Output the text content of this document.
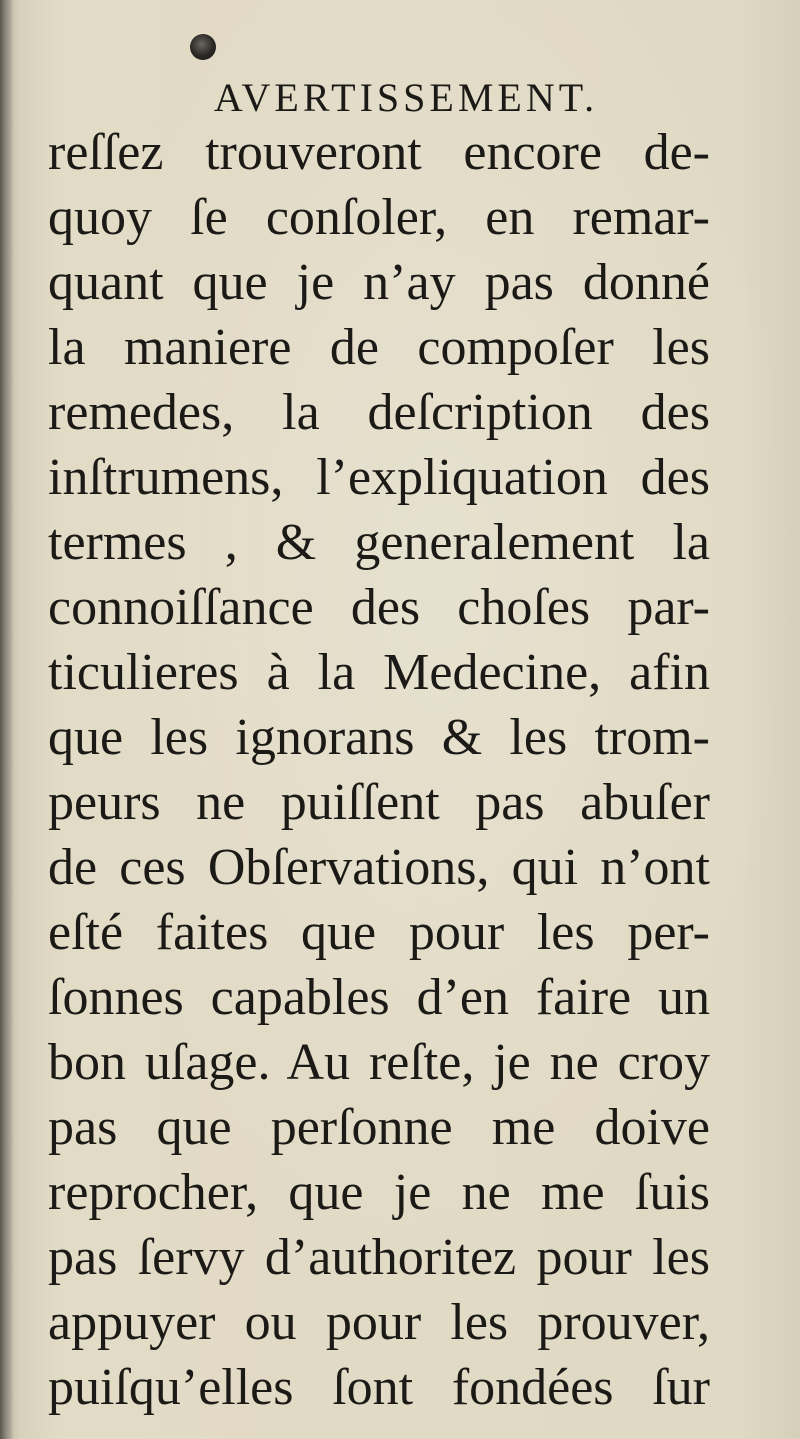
AVERTISSEMENT.
reſſez trouveront encore de-
quoy ſe conſoler, en remar-
quant que je n’ay pas donné
la maniere de compoſer les
remedes, la deſcription des
inſtrumens, l’expliquation des
termes , & generalement la
connoiſſance des choſes par-
ticulieres à la Medecine, afin
que les ignorans & les trom-
peurs ne puiſſent pas abuſer
de ces Obſervations, qui n’ont
eſté faites que pour les per-
ſonnes capables d’en faire un
bon uſage. Au reſte, je ne croy
pas que perſonne me doive
reprocher, que je ne me ſuis
pas ſervy d’authoritez pour les
appuyer ou pour les prouver,
puiſqu’elles ſont fondées ſur
